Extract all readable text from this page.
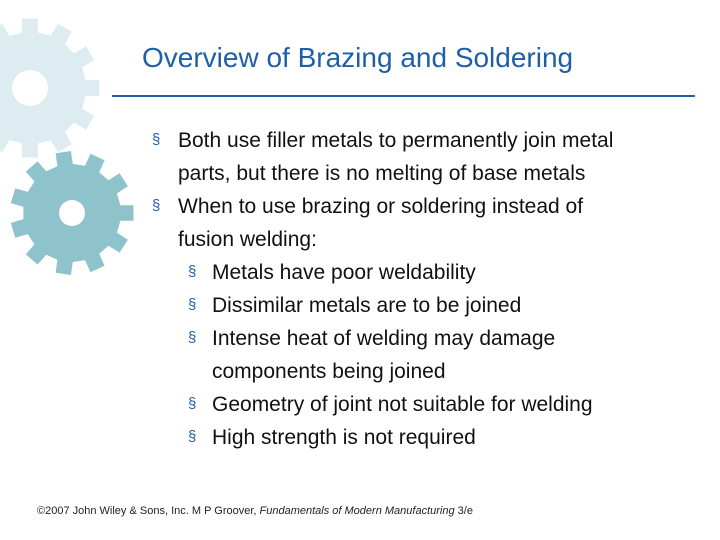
Overview of Brazing and Soldering
§ Both use filler metals to permanently join metal
parts, but there is no melting of base metals
§ When to use brazing or soldering instead of
fusion welding:
§ Metals have poor weldability
§ Dissimilar metals are to be joined
§ Intense heat of welding may damage
components being joined
§ Geometry of joint not suitable for welding
§ High strength is not required
©2007 John Wiley & Sons, Inc. M P Groover, Fundamentals of Modern Manufacturing 3/e
